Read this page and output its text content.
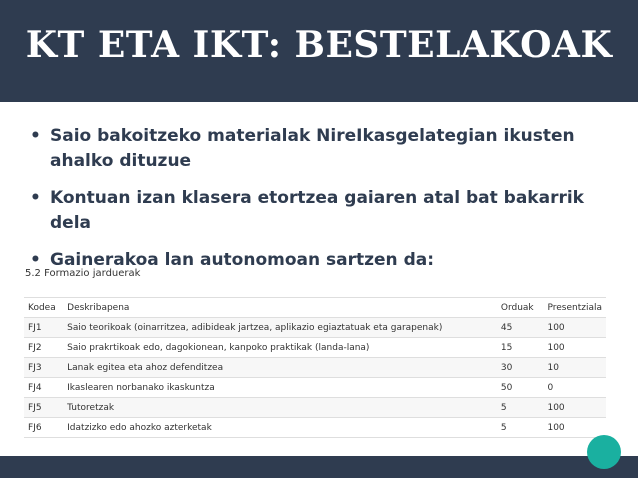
KT ETA IKT: BESTELAKOAK
• Saio bakoitzeko materialak NireIkasgelategian ikusten ahalko dituzue
• Kontuan izan klasera etortzea gaiaren atal bat bakarrik dela
• Gainerakoa lan autonomoan sartzen da:
5.2 Formazio jarduerak
Kodea	Deskribapena	Orduak	Presentziala
FJ1	Saio teorikoak (oinarritzea, adibideak jartzea, aplikazio egiaztatuak eta garapenak)	45	100
FJ2	Saio prakrtikoak edo, dagokionean, kanpoko praktikak (landa-lana)	15	100
FJ3	Lanak egitea eta ahoz defenditzea	30	10
FJ4	Ikaslearen norbanako ikaskuntza	50	0
FJ5	Tutoretzak	5	100
FJ6	Idatzizko edo ahozko azterketak	5	100
